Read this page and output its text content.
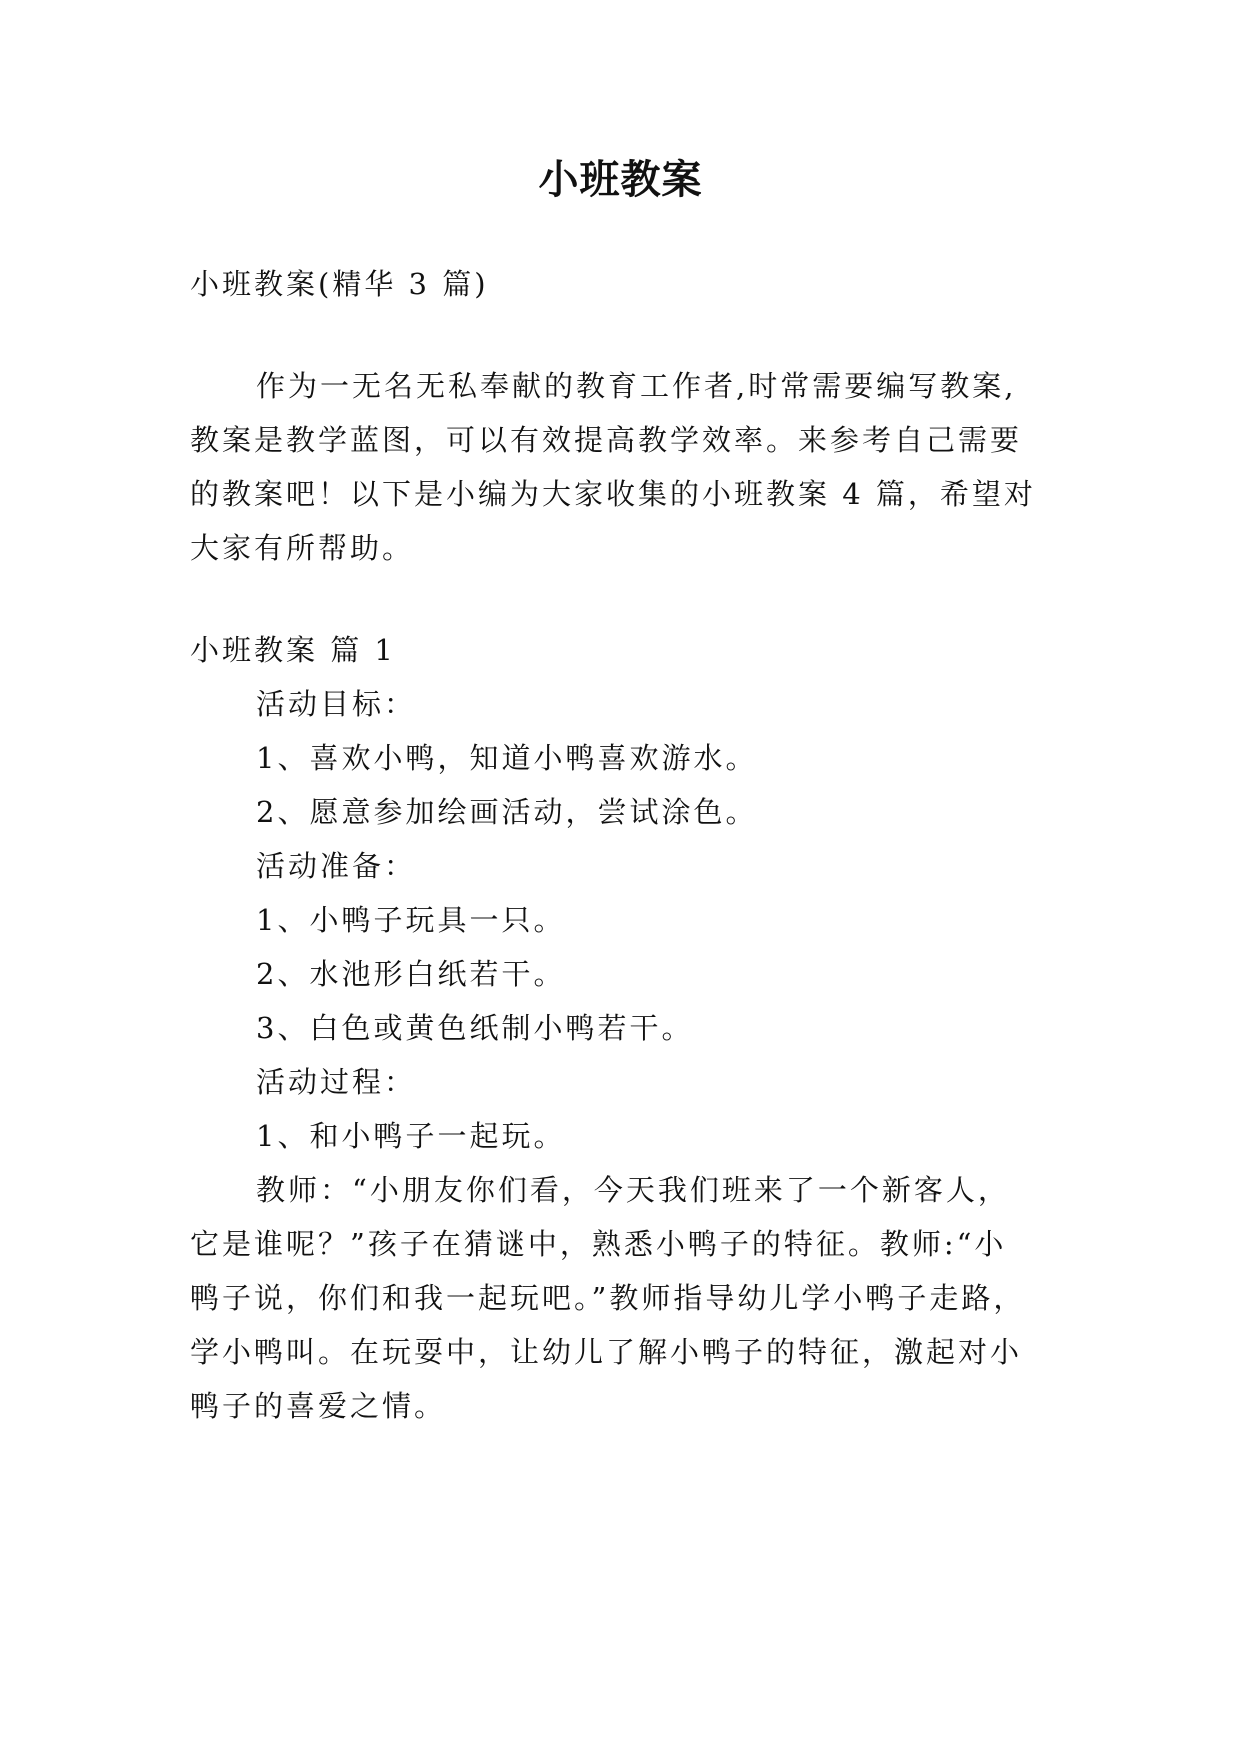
小班教案
小班教案(精华 3 篇)
作为一无名无私奉献的教育工作者,时常需要编写教案,
教案是教学蓝图，可以有效提高教学效率。来参考自己需要
的教案吧！以下是小编为大家收集的小班教案 4 篇，希望对
大家有所帮助。
小班教案 篇 1
活动目标：
1、喜欢小鸭，知道小鸭喜欢游水。
2、愿意参加绘画活动，尝试涂色。
活动准备：
1、小鸭子玩具一只。
2、水池形白纸若干。
3、白色或黄色纸制小鸭若干。
活动过程：
1、和小鸭子一起玩。
教师：“小朋友你们看，今天我们班来了一个新客人，
它是谁呢？”孩子在猜谜中，熟悉小鸭子的特征。教师:“小
鸭子说，你们和我一起玩吧。”教师指导幼儿学小鸭子走路，
学小鸭叫。在玩耍中，让幼儿了解小鸭子的特征，激起对小
鸭子的喜爱之情。
